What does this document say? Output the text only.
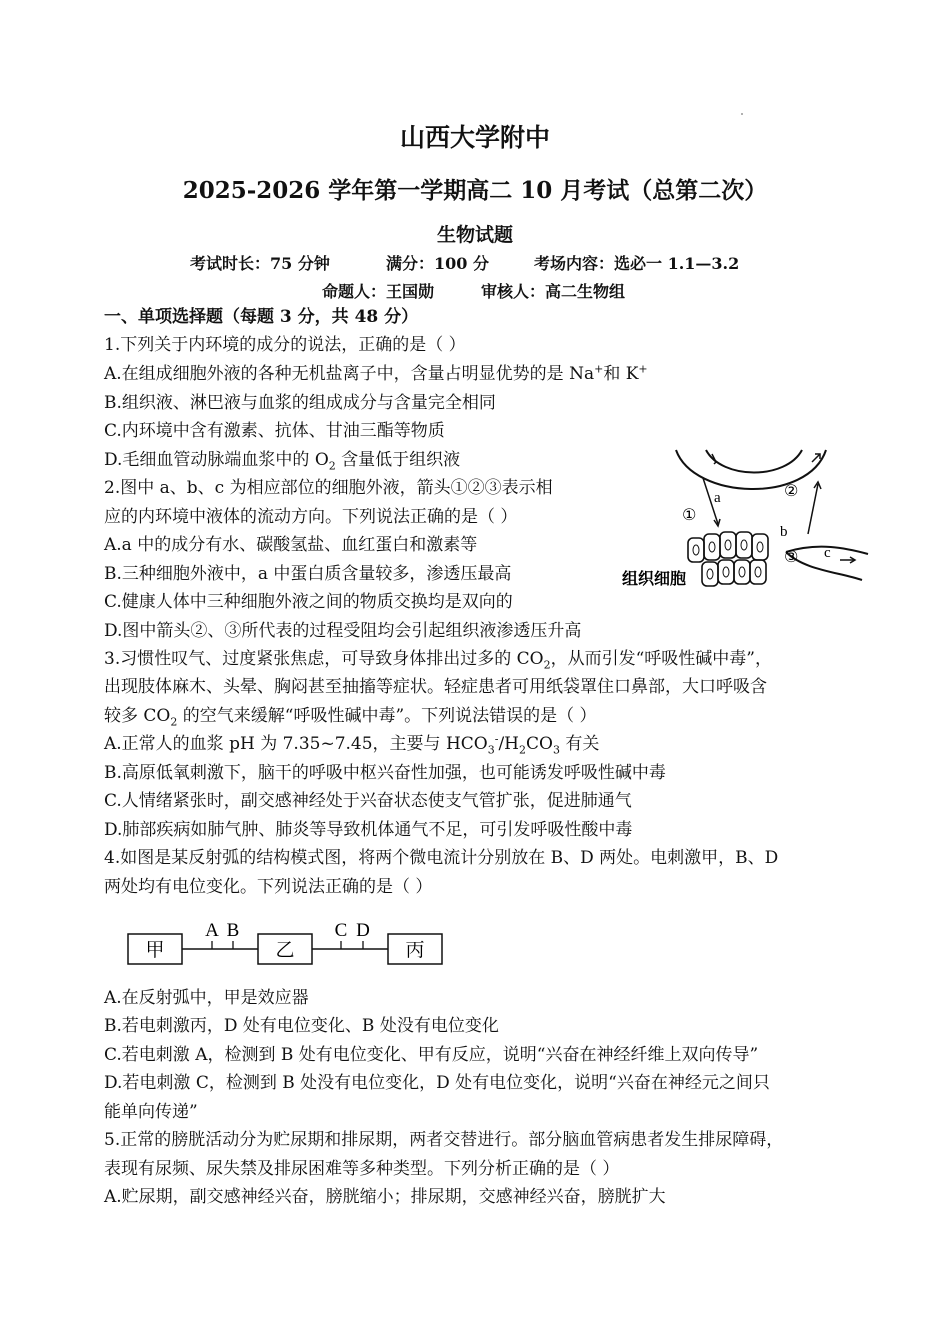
山西大学附中
2025-2026 学年第一学期高二 10 月考试（总第二次）
生物试题
考试时长：75 分钟	满分：100 分	考场内容：选必一 1.1—3.2
命题人：王国勋	审核人：高二生物组
一、单项选择题（每题 3 分，共 48 分）
1.下列关于内环境的成分的说法，正确的是（ ）
A.在组成细胞外液的各种无机盐离子中，含量占明显优势的是 Na+和 K+
B.组织液、淋巴液与血浆的组成成分与含量完全相同
C.内环境中含有激素、抗体、甘油三酯等物质
D.毛细血管动脉端血浆中的 $O_2$ 含量低于组织液
2.图中 a、b、c 为相应部位的细胞外液，箭头①②③表示相
应的内环境中液体的流动方向。下列说法正确的是（ ）
A.a 中的成分有水、碳酸氢盐、血红蛋白和激素等
B.三种细胞外液中，a 中蛋白质含量较多，渗透压最高
C.健康人体中三种细胞外液之间的物质交换均是双向的
D.图中箭头②、③所代表的过程受阻均会引起组织液渗透压升高
a
b
c
①
②
③
组织细胞
3.习惯性叹气、过度紧张焦虑，可导致身体排出过多的 $CO_2$，从而引发“呼吸性碱中毒”，
出现肢体麻木、头晕、胸闷甚至抽搐等症状。轻症患者可用纸袋罩住口鼻部，大口呼吸含
较多 $CO_2$ 的空气来缓解“呼吸性碱中毒”。下列说法错误的是（ ）
A.正常人的血浆 pH 为 7.35~7.45，主要与 $HCO_3^-/H_2CO_3$ 有关
B.高原低氧刺激下，脑干的呼吸中枢兴奋性加强，也可能诱发呼吸性碱中毒
C.人情绪紧张时，副交感神经处于兴奋状态使支气管扩张，促进肺通气
D.肺部疾病如肺气肿、肺炎等导致机体通气不足，可引发呼吸性酸中毒
4.如图是某反射弧的结构模式图，将两个微电流计分别放在 B、D 两处。电刺激甲，B、D
两处均有电位变化。下列说法正确的是（ ）
甲	乙	丙
A B	C D
A.在反射弧中，甲是效应器
B.若电刺激丙，D 处有电位变化、B 处没有电位变化
C.若电刺激 A，检测到 B 处有电位变化、甲有反应，说明“兴奋在神经纤维上双向传导”
D.若电刺激 C，检测到 B 处没有电位变化，D 处有电位变化，说明“兴奋在神经元之间只
能单向传递”
5.正常的膀胱活动分为贮尿期和排尿期，两者交替进行。部分脑血管病患者发生排尿障碍，
表现有尿频、尿失禁及排尿困难等多种类型。下列分析正确的是（ ）
A.贮尿期，副交感神经兴奋，膀胱缩小；排尿期，交感神经兴奋，膀胱扩大
